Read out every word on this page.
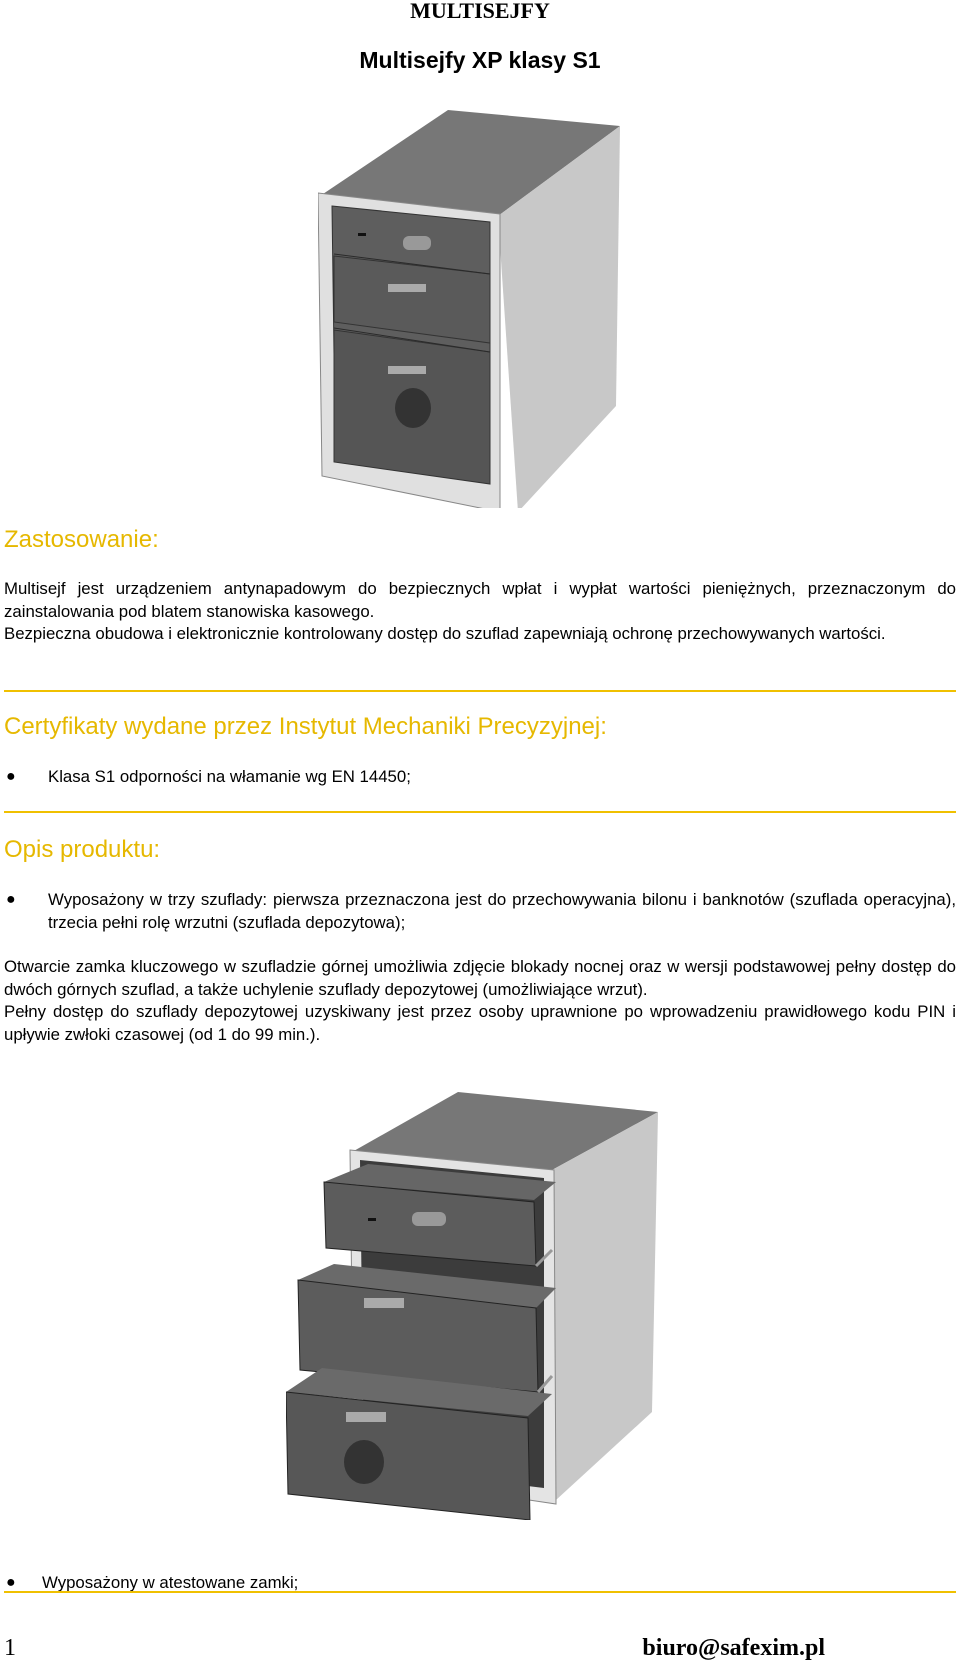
MULTISEJFY
Multisejfy XP klasy S1
Zastosowanie:

Multisejf jest urządzeniem antynapadowym do bezpiecznych wpłat i wypłat wartości pieniężnych, przeznaczonym do zainstalowania pod blatem stanowiska kasowego.

Bezpieczna obudowa i elektronicznie kontrolowany dostęp do szuflad zapewniają ochronę przechowywanych wartości.

Certyfikaty wydane przez Instytut Mechaniki Precyzyjnej:
● Klasa S1 odporności na włamanie wg EN 14450;
Opis produktu:
● Wyposażony w trzy szuflady: pierwsza przeznaczona jest do przechowywania bilonu i banknotów (szuflada operacyjna), trzecia pełni rolę wrzutni (szuflada depozytowa);

Otwarcie zamka kluczowego w szufladzie górnej umożliwia zdjęcie blokady nocnej oraz w wersji podstawowej pełny dostęp do dwóch górnych szuflad, a także uchylenie szuflady depozytowej (umożliwiające wrzut).

Pełny dostęp do szuflady depozytowej uzyskiwany jest przez osoby uprawnione po wprowadzeniu prawidłowego kodu PIN i upływie zwłoki czasowej (od 1 do 99 min.).

● Wyposażony w atestowane zamki;
1	biuro@safexim.pl
